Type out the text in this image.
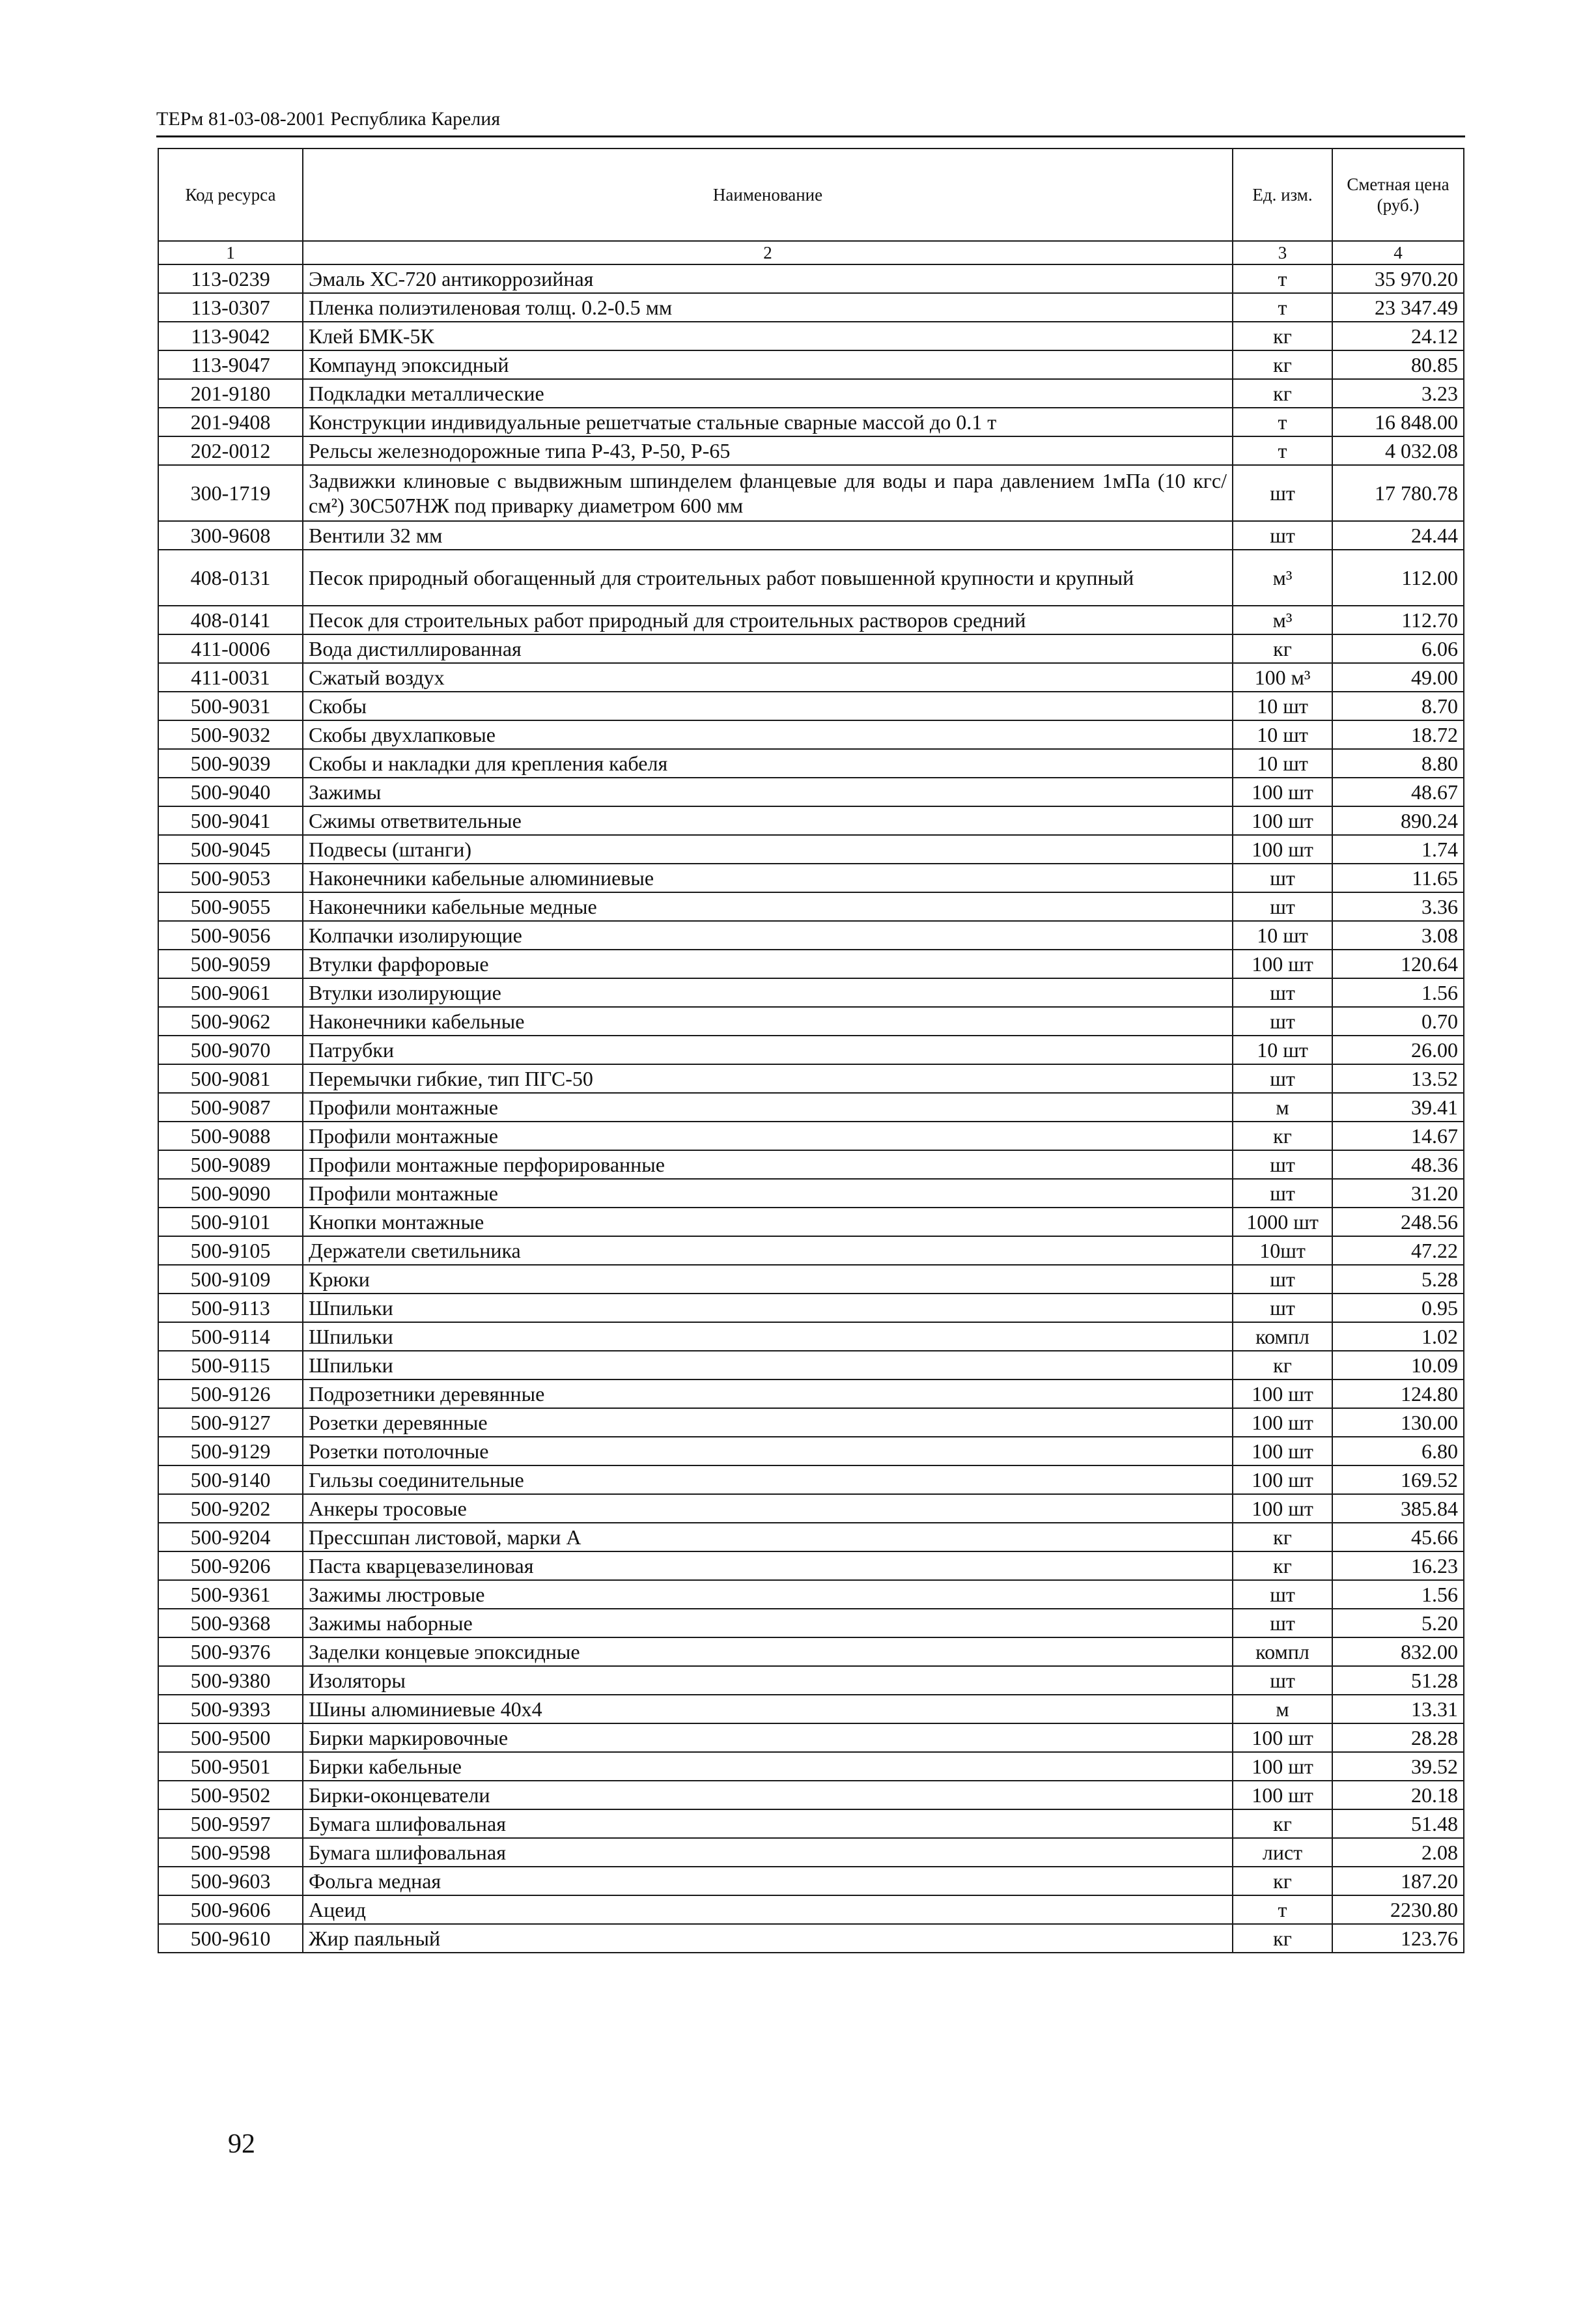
ТЕРм 81-03-08-2001 Республика Карелия
Код ресурса	Наименование	Ед. изм.	Сметная цена (руб.)
1	2	3	4
113-0239	Эмаль ХС-720 антикоррозийная	т	35 970.20
113-0307	Пленка полиэтиленовая толщ. 0.2-0.5 мм	т	23 347.49
113-9042	Клей БМК-5К	кг	24.12
113-9047	Компаунд эпоксидный	кг	80.85
201-9180	Подкладки металлические	кг	3.23
201-9408	Конструкции индивидуальные решетчатые стальные сварные массой до 0.1 т	т	16 848.00
202-0012	Рельсы железнодорожные типа Р-43, Р-50, Р-65	т	4 032.08
300-1719	Задвижки клиновые с выдвижным шпинделем фланцевые для воды и пара давлением 1мПа (10 кгс/см²) 30С507НЖ под приварку диаметром 600 мм	шт	17 780.78
300-9608	Вентили 32 мм	шт	24.44
408-0131	Песок природный обогащенный для строительных работ повышенной крупности и крупный	м³	112.00
408-0141	Песок для строительных работ природный для строительных растворов средний	м³	112.70
411-0006	Вода дистиллированная	кг	6.06
411-0031	Сжатый воздух	100 м³	49.00
500-9031	Скобы	10 шт	8.70
500-9032	Скобы двухлапковые	10 шт	18.72
500-9039	Скобы и накладки для крепления кабеля	10 шт	8.80
500-9040	Зажимы	100 шт	48.67
500-9041	Сжимы ответвительные	100 шт	890.24
500-9045	Подвесы (штанги)	100 шт	1.74
500-9053	Наконечники кабельные алюминиевые	шт	11.65
500-9055	Наконечники кабельные медные	шт	3.36
500-9056	Колпачки изолирующие	10 шт	3.08
500-9059	Втулки фарфоровые	100 шт	120.64
500-9061	Втулки изолирующие	шт	1.56
500-9062	Наконечники кабельные	шт	0.70
500-9070	Патрубки	10 шт	26.00
500-9081	Перемычки гибкие, тип ПГС-50	шт	13.52
500-9087	Профили монтажные	м	39.41
500-9088	Профили монтажные	кг	14.67
500-9089	Профили монтажные перфорированные	шт	48.36
500-9090	Профили монтажные	шт	31.20
500-9101	Кнопки монтажные	1000 шт	248.56
500-9105	Держатели светильника	10шт	47.22
500-9109	Крюки	шт	5.28
500-9113	Шпильки	шт	0.95
500-9114	Шпильки	компл	1.02
500-9115	Шпильки	кг	10.09
500-9126	Подрозетники деревянные	100 шт	124.80
500-9127	Розетки деревянные	100 шт	130.00
500-9129	Розетки потолочные	100 шт	6.80
500-9140	Гильзы соединительные	100 шт	169.52
500-9202	Анкеры тросовые	100 шт	385.84
500-9204	Прессшпан листовой, марки А	кг	45.66
500-9206	Паста кварцевазелиновая	кг	16.23
500-9361	Зажимы люстровые	шт	1.56
500-9368	Зажимы наборные	шт	5.20
500-9376	Заделки концевые эпоксидные	компл	832.00
500-9380	Изоляторы	шт	51.28
500-9393	Шины алюминиевые 40х4	м	13.31
500-9500	Бирки маркировочные	100 шт	28.28
500-9501	Бирки кабельные	100 шт	39.52
500-9502	Бирки-оконцеватели	100 шт	20.18
500-9597	Бумага шлифовальная	кг	51.48
500-9598	Бумага шлифовальная	лист	2.08
500-9603	Фольга медная	кг	187.20
500-9606	Ацеид	т	2230.80
500-9610	Жир паяльный	кг	123.76
92
